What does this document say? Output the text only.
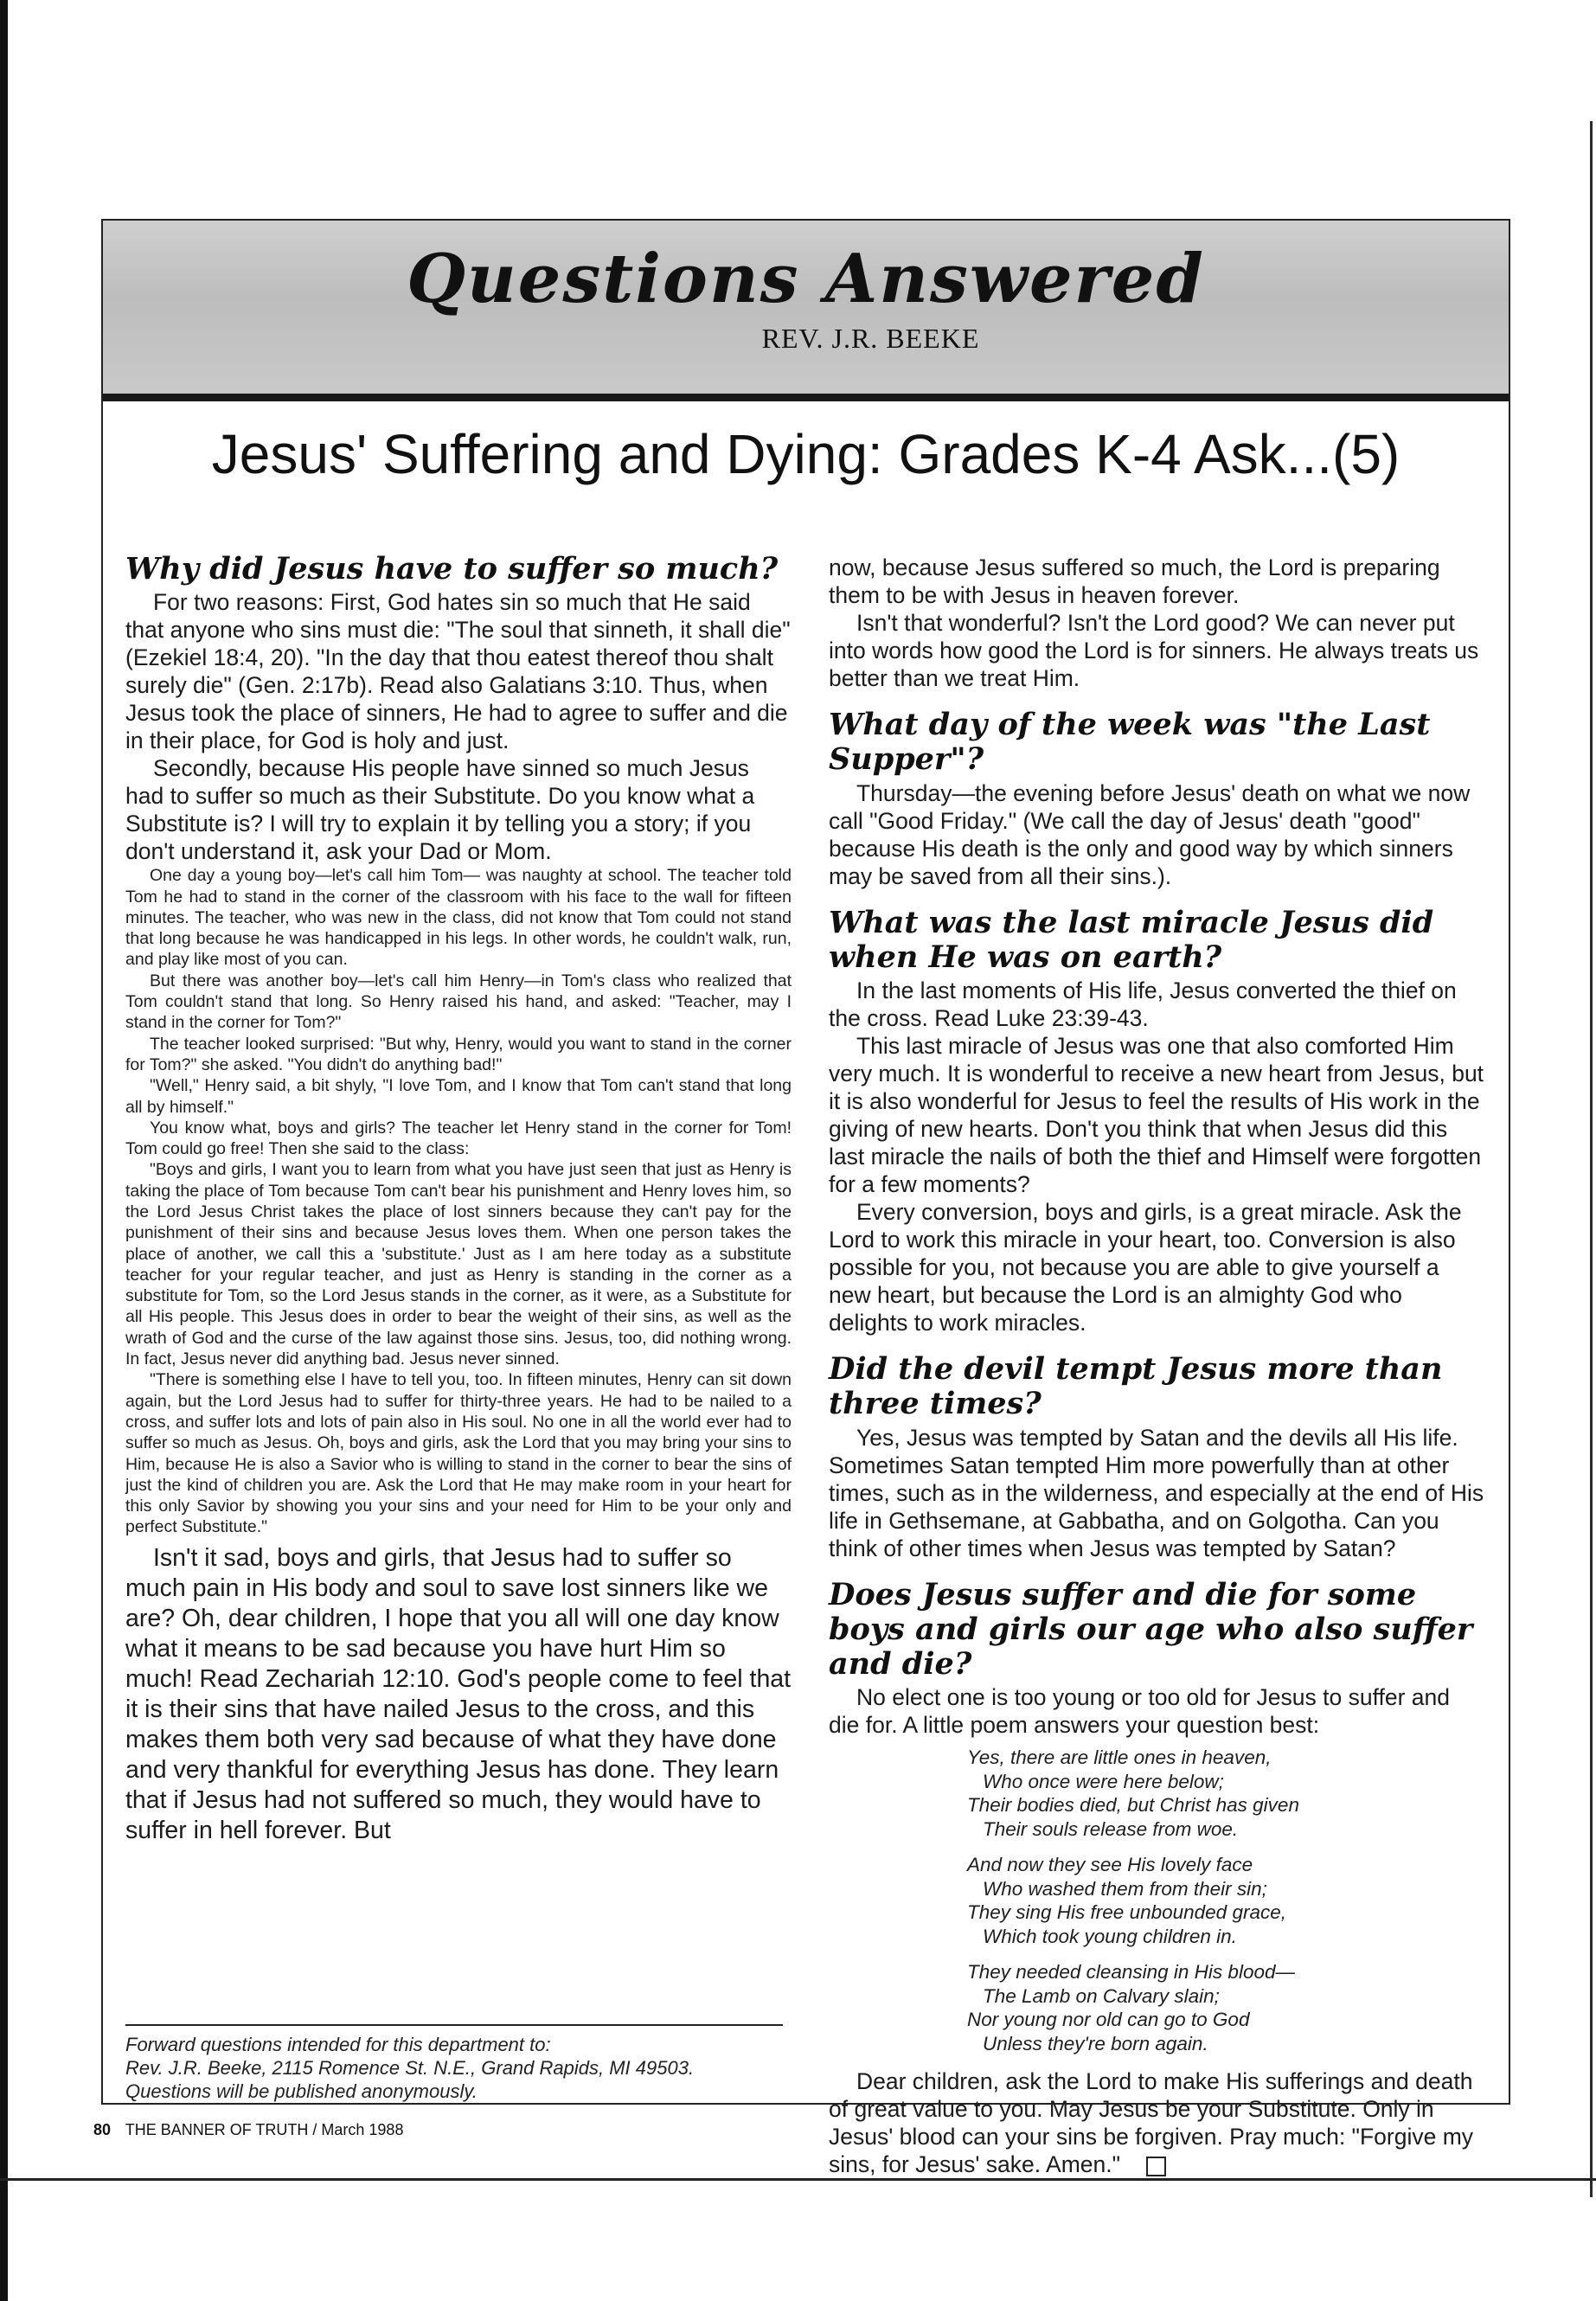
Questions Answered
REV. J.R. BEEKE
Jesus' Suffering and Dying: Grades K-4 Ask...(5)
Why did Jesus have to suffer so much?

For two reasons: First, God hates sin so much that He said that anyone who sins must die: "The soul that sinneth, it shall die" (Ezekiel 18:4, 20). "In the day that thou eatest thereof thou shalt surely die" (Gen. 2:17b). Read also Galatians 3:10. Thus, when Jesus took the place of sinners, He had to agree to suffer and die in their place, for God is holy and just.

Secondly, because His people have sinned so much Jesus had to suffer so much as their Substitute. Do you know what a Substitute is? I will try to explain it by telling you a story; if you don't understand it, ask your Dad or Mom.

One day a young boy—let's call him Tom— was naughty at school. The teacher told Tom he had to stand in the corner of the classroom with his face to the wall for fifteen minutes. The teacher, who was new in the class, did not know that Tom could not stand that long because he was handicapped in his legs. In other words, he couldn't walk, run, and play like most of you can.

But there was another boy—let's call him Henry—in Tom's class who realized that Tom couldn't stand that long. So Henry raised his hand, and asked: "Teacher, may I stand in the corner for Tom?"

The teacher looked surprised: "But why, Henry, would you want to stand in the corner for Tom?" she asked. "You didn't do anything bad!"

"Well," Henry said, a bit shyly, "I love Tom, and I know that Tom can't stand that long all by himself."

You know what, boys and girls? The teacher let Henry stand in the corner for Tom! Tom could go free! Then she said to the class:

"Boys and girls, I want you to learn from what you have just seen that just as Henry is taking the place of Tom because Tom can't bear his punishment and Henry loves him, so the Lord Jesus Christ takes the place of lost sinners because they can't pay for the punishment of their sins and because Jesus loves them. When one person takes the place of another, we call this a 'substitute.' Just as I am here today as a substitute teacher for your regular teacher, and just as Henry is standing in the corner as a substitute for Tom, so the Lord Jesus stands in the corner, as it were, as a Substitute for all His people. This Jesus does in order to bear the weight of their sins, as well as the wrath of God and the curse of the law against those sins. Jesus, too, did nothing wrong. In fact, Jesus never did anything bad. Jesus never sinned.

"There is something else I have to tell you, too. In fifteen minutes, Henry can sit down again, but the Lord Jesus had to suffer for thirty-three years. He had to be nailed to a cross, and suffer lots and lots of pain also in His soul. No one in all the world ever had to suffer so much as Jesus. Oh, boys and girls, ask the Lord that you may bring your sins to Him, because He is also a Savior who is willing to stand in the corner to bear the sins of just the kind of children you are. Ask the Lord that He may make room in your heart for this only Savior by showing you your sins and your need for Him to be your only and perfect Substitute."

Isn't it sad, boys and girls, that Jesus had to suffer so much pain in His body and soul to save lost sinners like we are? Oh, dear children, I hope that you all will one day know what it means to be sad because you have hurt Him so much! Read Zechariah 12:10. God's people come to feel that it is their sins that have nailed Jesus to the cross, and this makes them both very sad because of what they have done and very thankful for everything Jesus has done. They learn that if Jesus had not suffered so much, they would have to suffer in hell forever. But

now, because Jesus suffered so much, the Lord is preparing them to be with Jesus in heaven forever.

Isn't that wonderful? Isn't the Lord good? We can never put into words how good the Lord is for sinners. He always treats us better than we treat Him.

What day of the week was "the Last Supper"?

Thursday—the evening before Jesus' death on what we now call "Good Friday." (We call the day of Jesus' death "good" because His death is the only and good way by which sinners may be saved from all their sins.).

What was the last miracle Jesus did when He was on earth?

In the last moments of His life, Jesus converted the thief on the cross. Read Luke 23:39-43.

This last miracle of Jesus was one that also comforted Him very much. It is wonderful to receive a new heart from Jesus, but it is also wonderful for Jesus to feel the results of His work in the giving of new hearts. Don't you think that when Jesus did this last miracle the nails of both the thief and Himself were forgotten for a few moments?

Every conversion, boys and girls, is a great miracle. Ask the Lord to work this miracle in your heart, too. Conversion is also possible for you, not because you are able to give yourself a new heart, but because the Lord is an almighty God who delights to work miracles.

Did the devil tempt Jesus more than three times?

Yes, Jesus was tempted by Satan and the devils all His life. Sometimes Satan tempted Him more powerfully than at other times, such as in the wilderness, and especially at the end of His life in Gethsemane, at Gabbatha, and on Golgotha. Can you think of other times when Jesus was tempted by Satan?

Does Jesus suffer and die for some boys and girls our age who also suffer and die?

No elect one is too young or too old for Jesus to suffer and die for. A little poem answers your question best:

Yes, there are little ones in heaven,
Who once were here below;
Their bodies died, but Christ has given
Their souls release from woe.
And now they see His lovely face
Who washed them from their sin;
They sing His free unbounded grace,
Which took young children in.
They needed cleansing in His blood—
The Lamb on Calvary slain;
Nor young nor old can go to God
Unless they're born again.

Dear children, ask the Lord to make His sufferings and death of great value to you. May Jesus be your Substitute. Only in Jesus' blood can your sins be forgiven. Pray much: "Forgive my sins, for Jesus' sake. Amen."

Forward questions intended for this department to:
Rev. J.R. Beeke, 2115 Romence St. N.E., Grand Rapids, MI 49503.
Questions will be published anonymously.
80 THE BANNER OF TRUTH / March 1988
